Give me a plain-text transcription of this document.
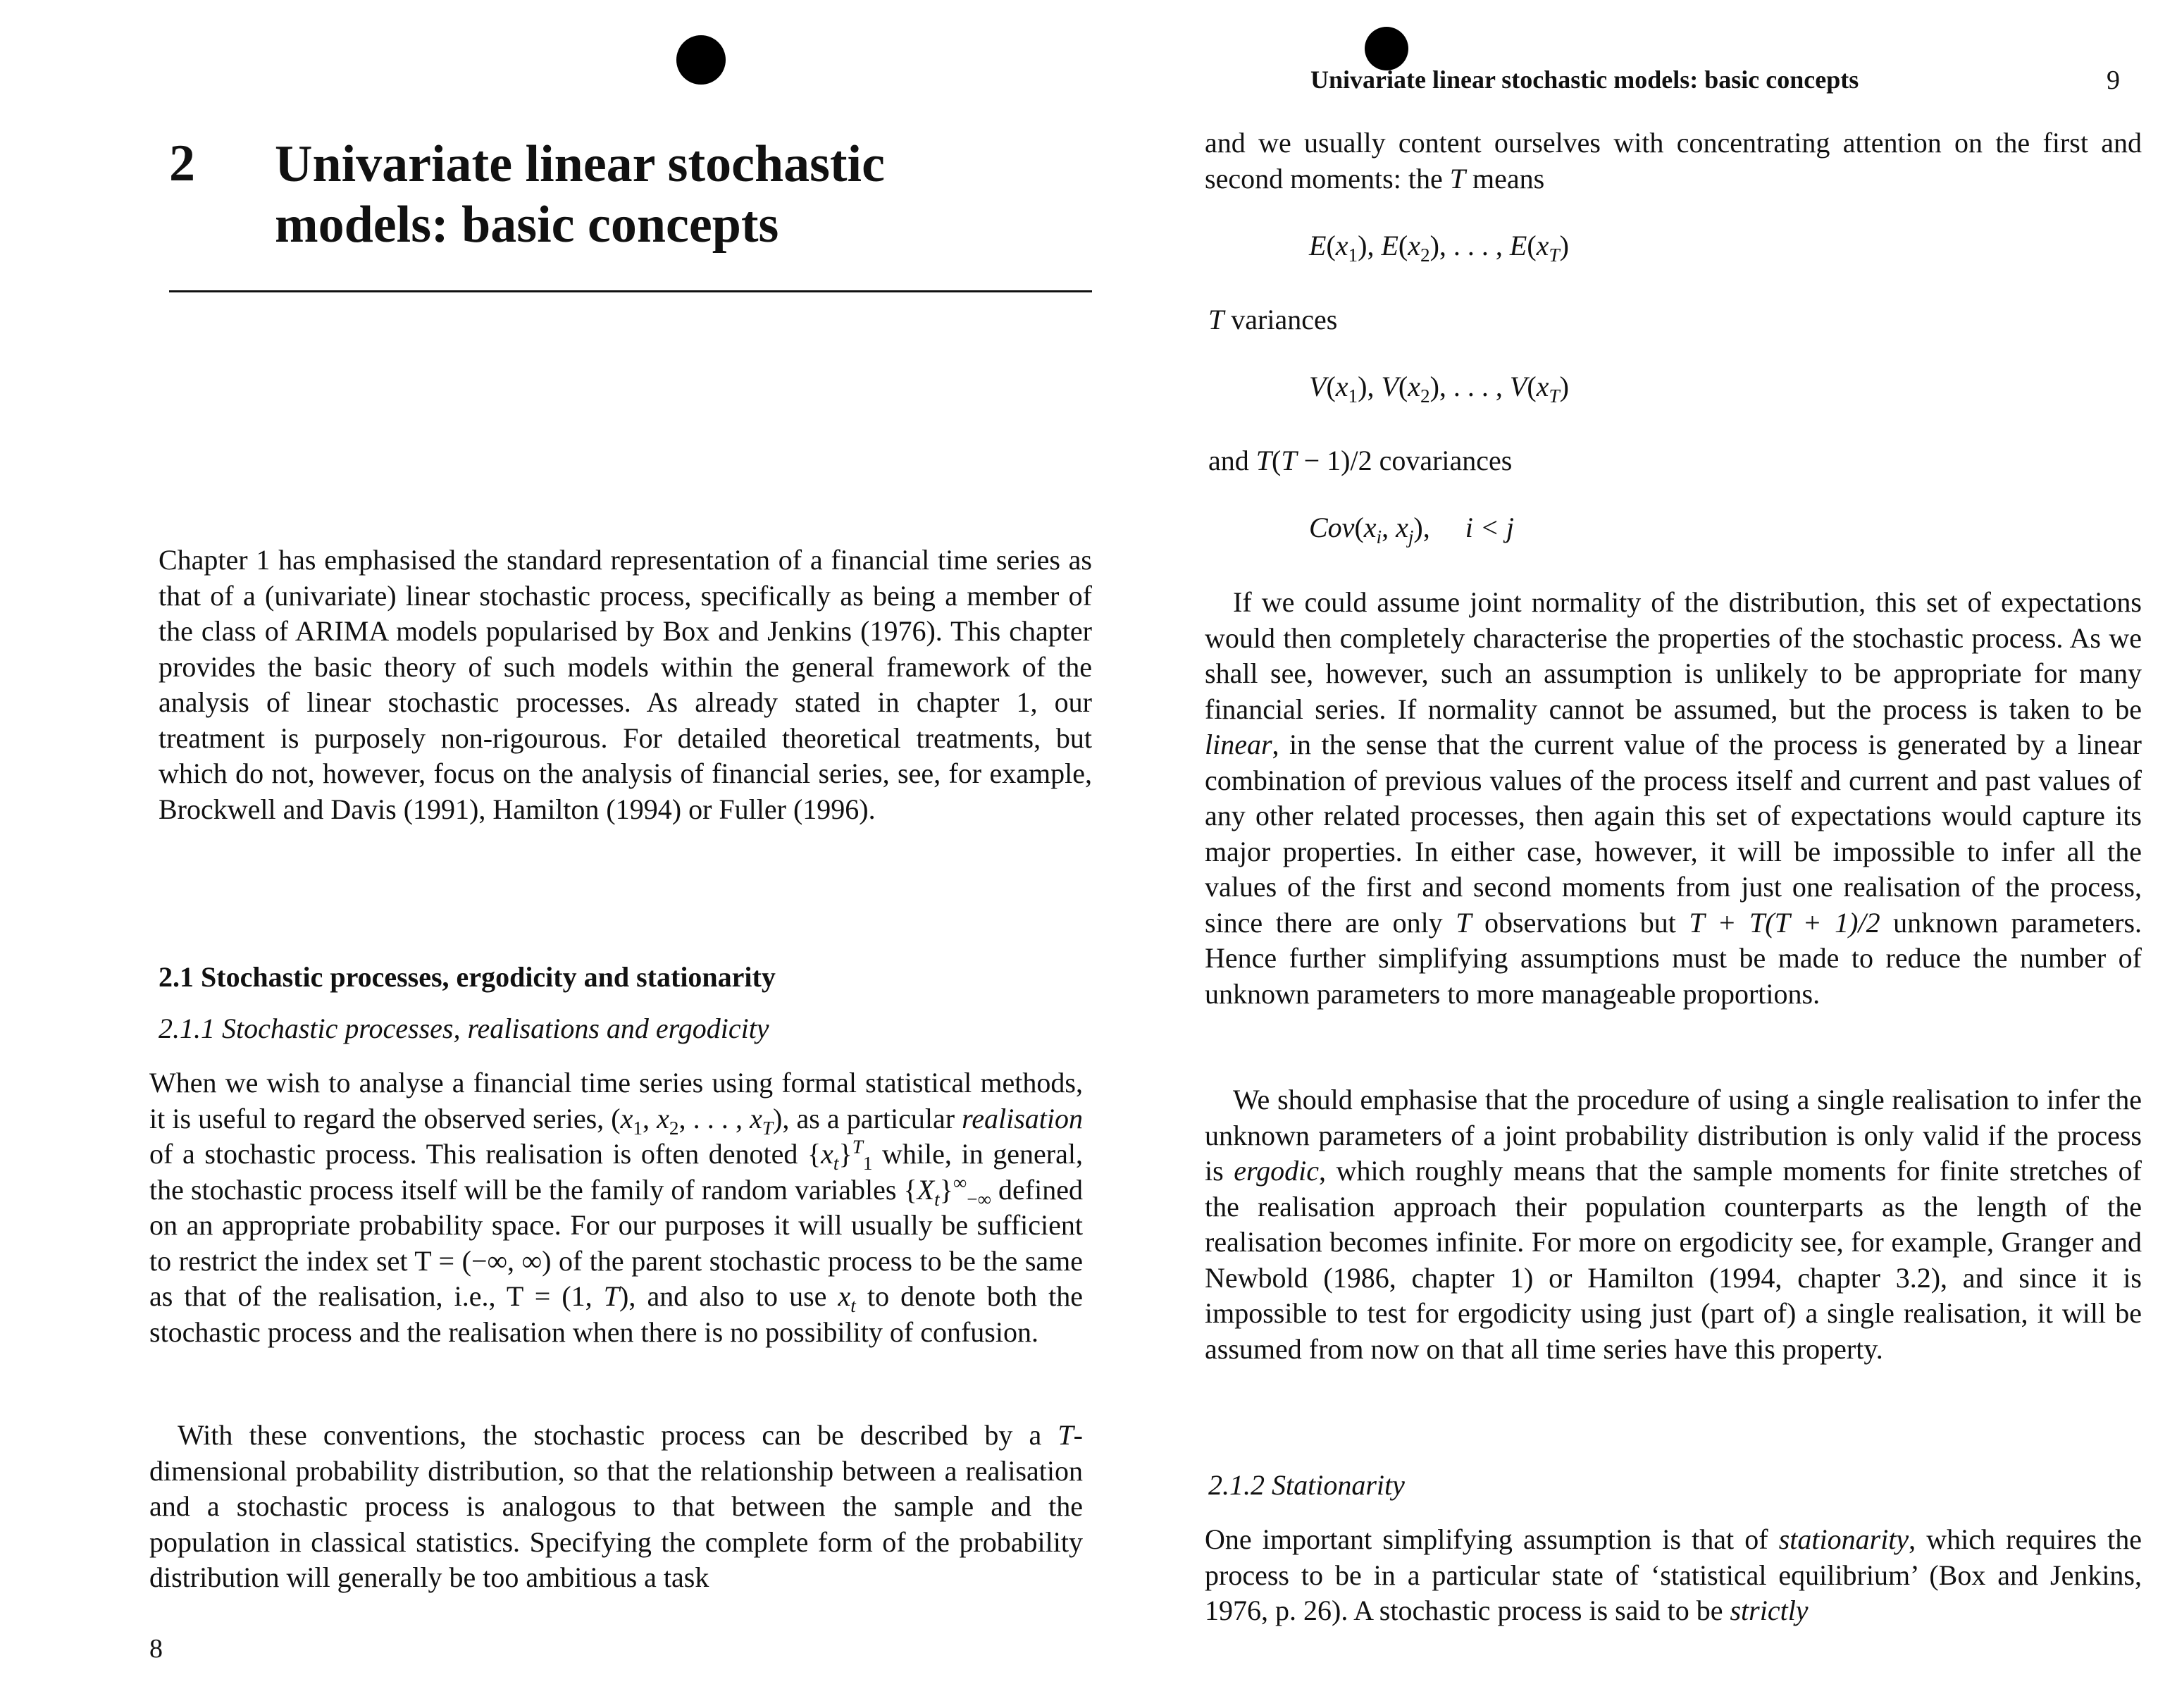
2 Univariate linear stochastic
models: basic concepts

Chapter 1 has emphasised the standard representation of a financial time series as that of a (univariate) linear stochastic process, specifically as being a member of the class of ARIMA models popularised by Box and Jenkins (1976). This chapter provides the basic theory of such models within the general framework of the analysis of linear stochastic processes. As already stated in chapter 1, our treatment is purposely non-rigourous. For detailed theoretical treatments, but which do not, however, focus on the analysis of financial series, see, for example, Brockwell and Davis (1991), Hamilton (1994) or Fuller (1996).

2.1 Stochastic processes, ergodicity and stationarity
2.1.1 Stochastic processes, realisations and ergodicity

When we wish to analyse a financial time series using formal statistical methods, it is useful to regard the observed series, ($x_1$, $x_2$, . . . , $x_T$), as a particular realisation of a stochastic process. This realisation is often denoted $\{x_t\}^T_1$ while, in general, the stochastic process itself will be the family of random variables $\{X_t\}^\infty_{-\infty}$ defined on an appropriate probability space. For our purposes it will usually be sufficient to restrict the index set T = (−∞, ∞) of the parent stochastic process to be the same as that of the realisation, i.e., T = (1, T), and also to use $x_t$ to denote both the stochastic process and the realisation when there is no possibility of confusion.

With these conventions, the stochastic process can be described by a T-dimensional probability distribution, so that the relationship between a realisation and a stochastic process is analogous to that between the sample and the population in classical statistics. Specifying the complete form of the probability distribution will generally be too ambitious a task

8
Univariate linear stochastic models: basic concepts	9

and we usually content ourselves with concentrating attention on the first and second moments: the T means

$E(x_1)$, $E(x_2)$, . . . , $E(x_T)$
T variances
$V(x_1)$, $V(x_2)$, . . . , $V(x_T)$
and T(T − 1)/2 covariances
$Cov(x_i$, $x_j$), i < j

If we could assume joint normality of the distribution, this set of expectations would then completely characterise the properties of the stochastic process. As we shall see, however, such an assumption is unlikely to be appropriate for many financial series. If normality cannot be assumed, but the process is taken to be linear, in the sense that the current value of the process is generated by a linear combination of previous values of the process itself and current and past values of any other related processes, then again this set of expectations would capture its major properties. In either case, however, it will be impossible to infer all the values of the first and second moments from just one realisation of the process, since there are only T observations but T + T(T + 1)/2 unknown parameters. Hence further simplifying assumptions must be made to reduce the number of unknown parameters to more manageable proportions.

We should emphasise that the procedure of using a single realisation to infer the unknown parameters of a joint probability distribution is only valid if the process is ergodic, which roughly means that the sample moments for finite stretches of the realisation approach their population counterparts as the length of the realisation becomes infinite. For more on ergodicity see, for example, Granger and Newbold (1986, chapter 1) or Hamilton (1994, chapter 3.2), and since it is impossible to test for ergodicity using just (part of) a single realisation, it will be assumed from now on that all time series have this property.

2.1.2 Stationarity

One important simplifying assumption is that of stationarity, which requires the process to be in a particular state of ‘statistical equilibrium’ (Box and Jenkins, 1976, p. 26). A stochastic process is said to be strictly
